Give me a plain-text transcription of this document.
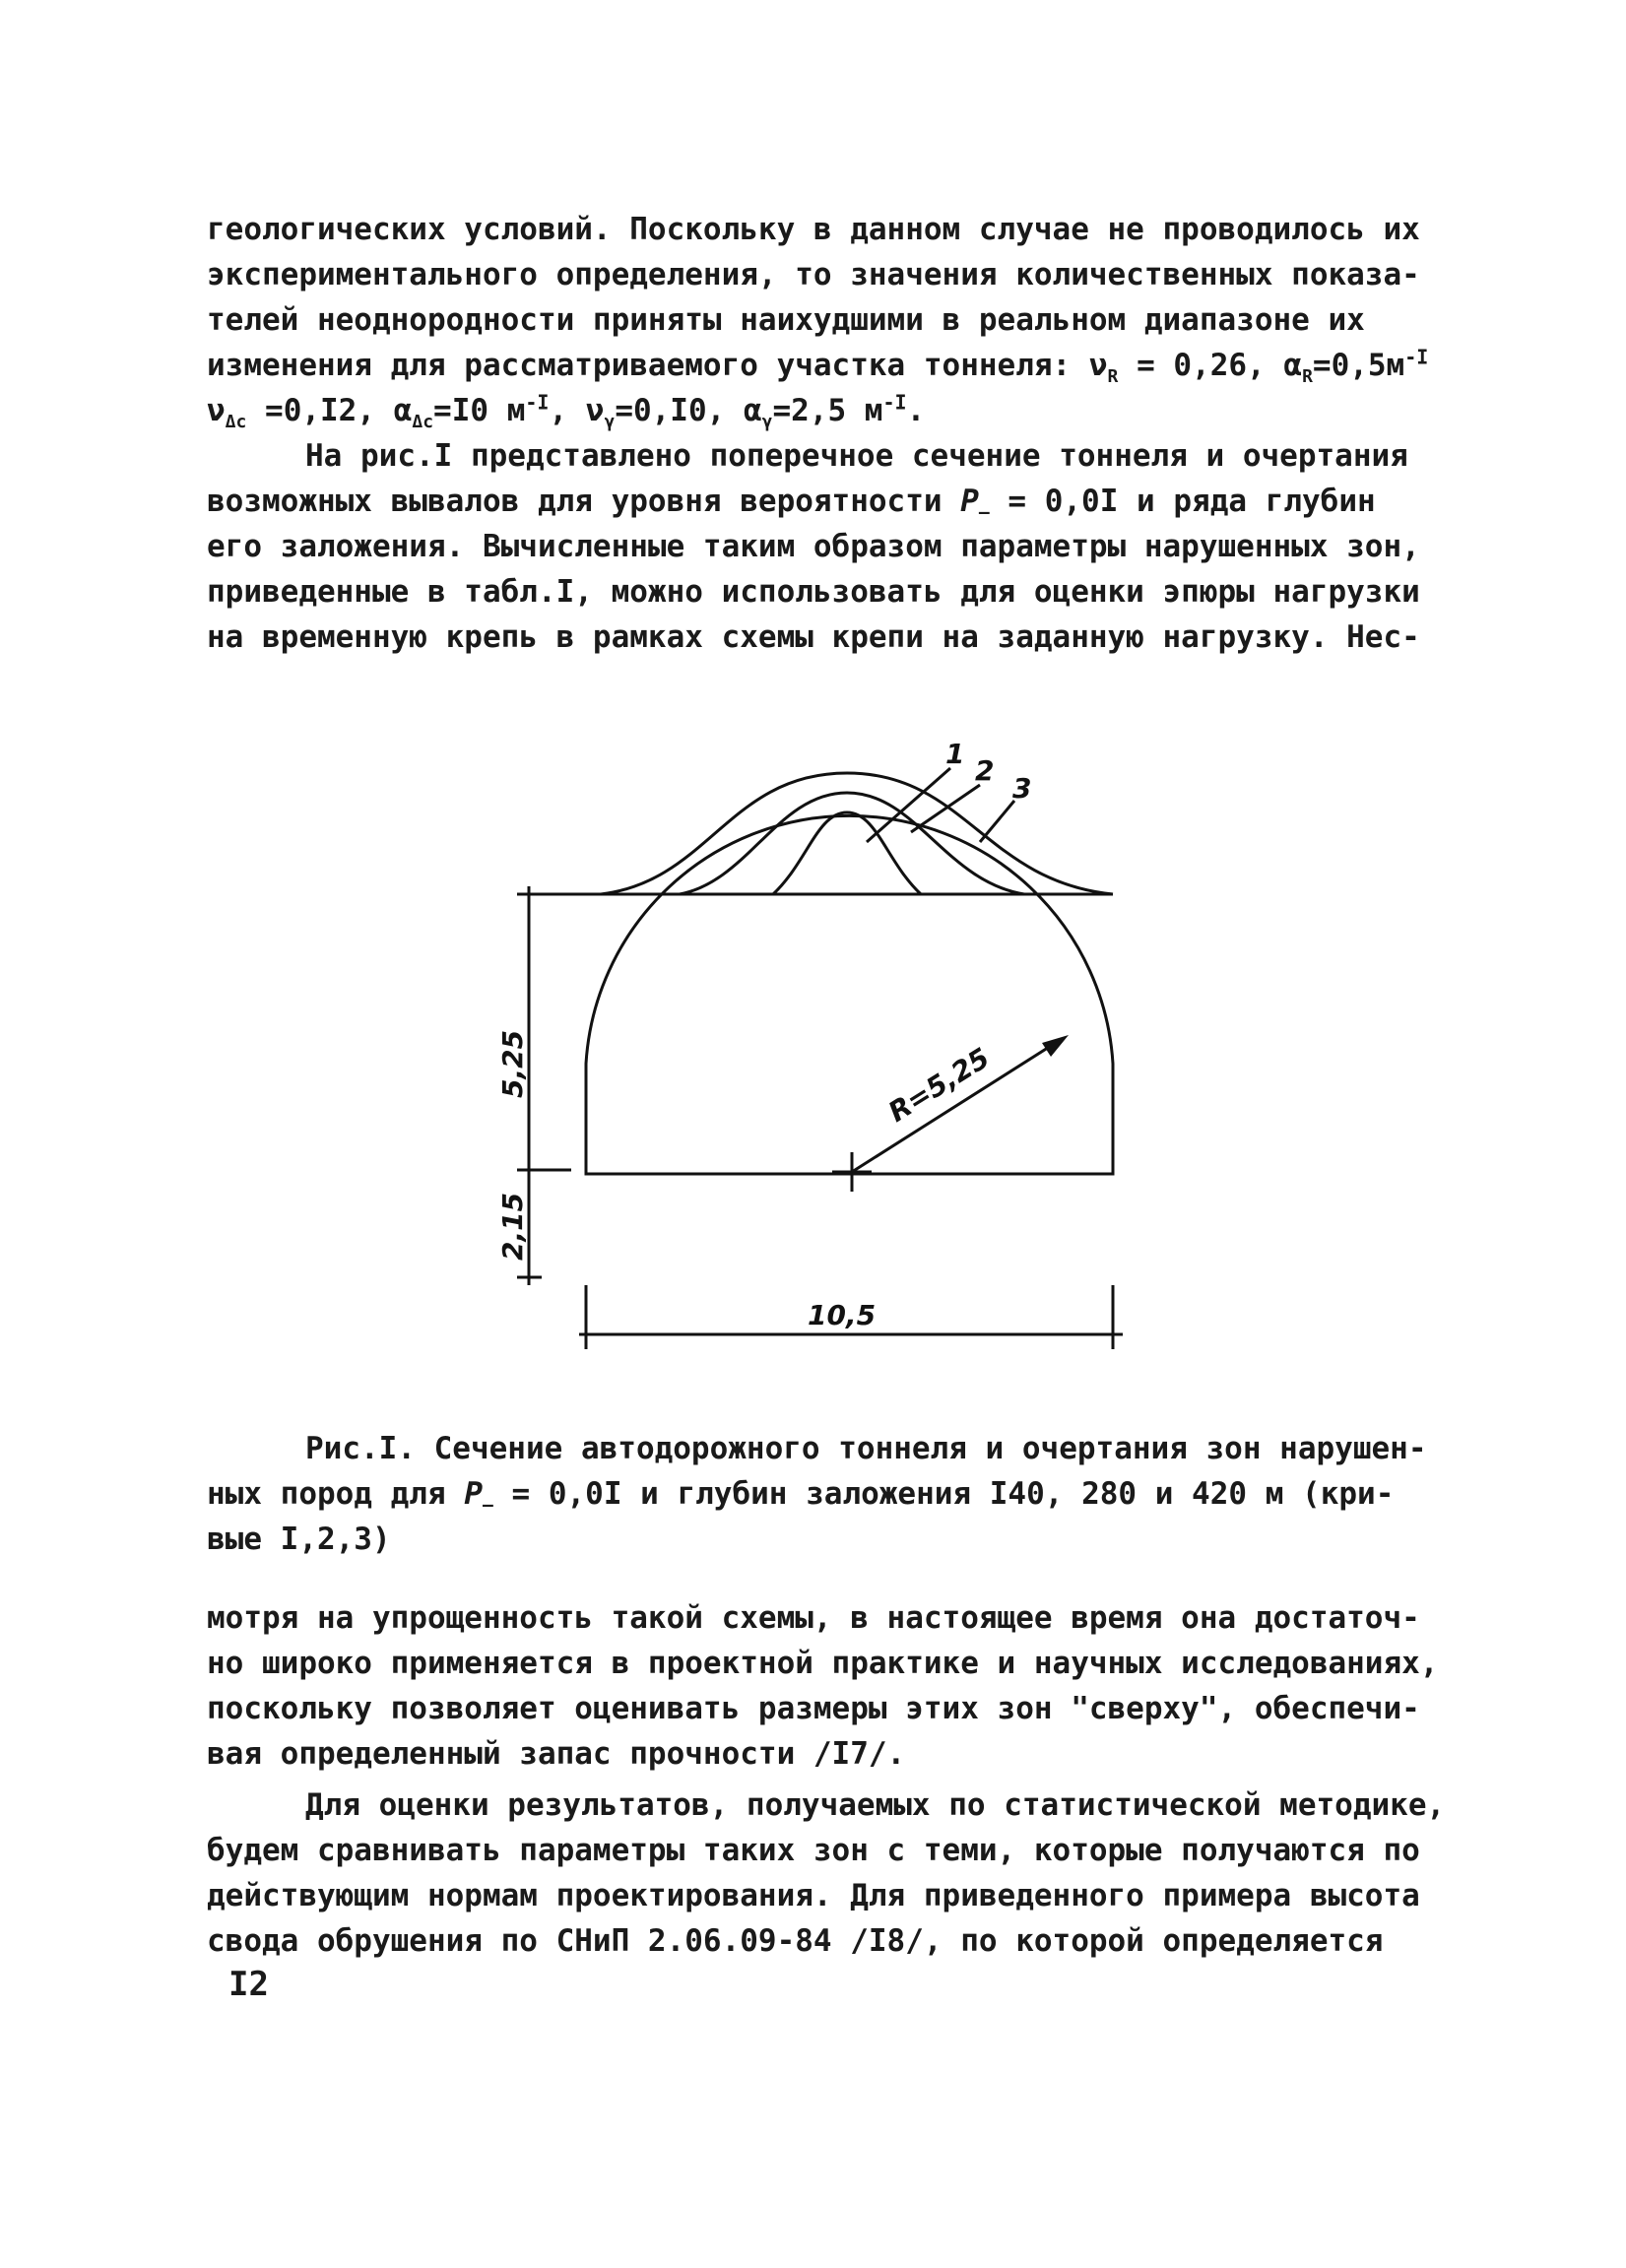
геологических условий. Поскольку в данном случае не проводилось их

экспериментального определения, то значения количественных показа-

телей неоднородности приняты наихудшими в реальном диапазоне их

изменения для рассматриваемого участка тоннеля: $\nu_R = 0,26$, $\alpha_R=0,5м^{-I}$

$\nu_{\Delta c} =0,I2$, $\alpha_{\Delta c}=I0$ $м^{-I}$, $\nu_\gamma=0,I0$, $\alpha_\gamma=2,5$ $м^{-I}$.

На рис.I представлено поперечное сечение тоннеля и очертания

возможных вывалов для уровня вероятности $P_- = 0,0I$ и ряда глубин

его заложения. Вычисленные таким образом параметры нарушенных зон,

приведенные в табл.I, можно использовать для оценки эпюры нагрузки

на временную крепь в рамках схемы крепи на заданную нагрузку. Нес-

1
2
3
5,25
2,15
R=5,25
10,5

Рис.I. Сечение автодорожного тоннеля и очертания зон нарушен-

ных пород для $P_- = 0,0I$ и глубин заложения I40, 280 и 420 м (кри-

вые I,2,3)

мотря на упрощенность такой схемы, в настоящее время она достаточ-

но широко применяется в проектной практике и научных исследованиях,

поскольку позволяет оценивать размеры этих зон "сверху", обеспечи-

вая определенный запас прочности /I7/.

Для оценки результатов, получаемых по статистической методике,

будем сравнивать параметры таких зон с теми, которые получаются по

действующим нормам проектирования. Для приведенного примера высота

свода обрушения по СНиП 2.06.09-84 /I8/, по которой определяется

I2
